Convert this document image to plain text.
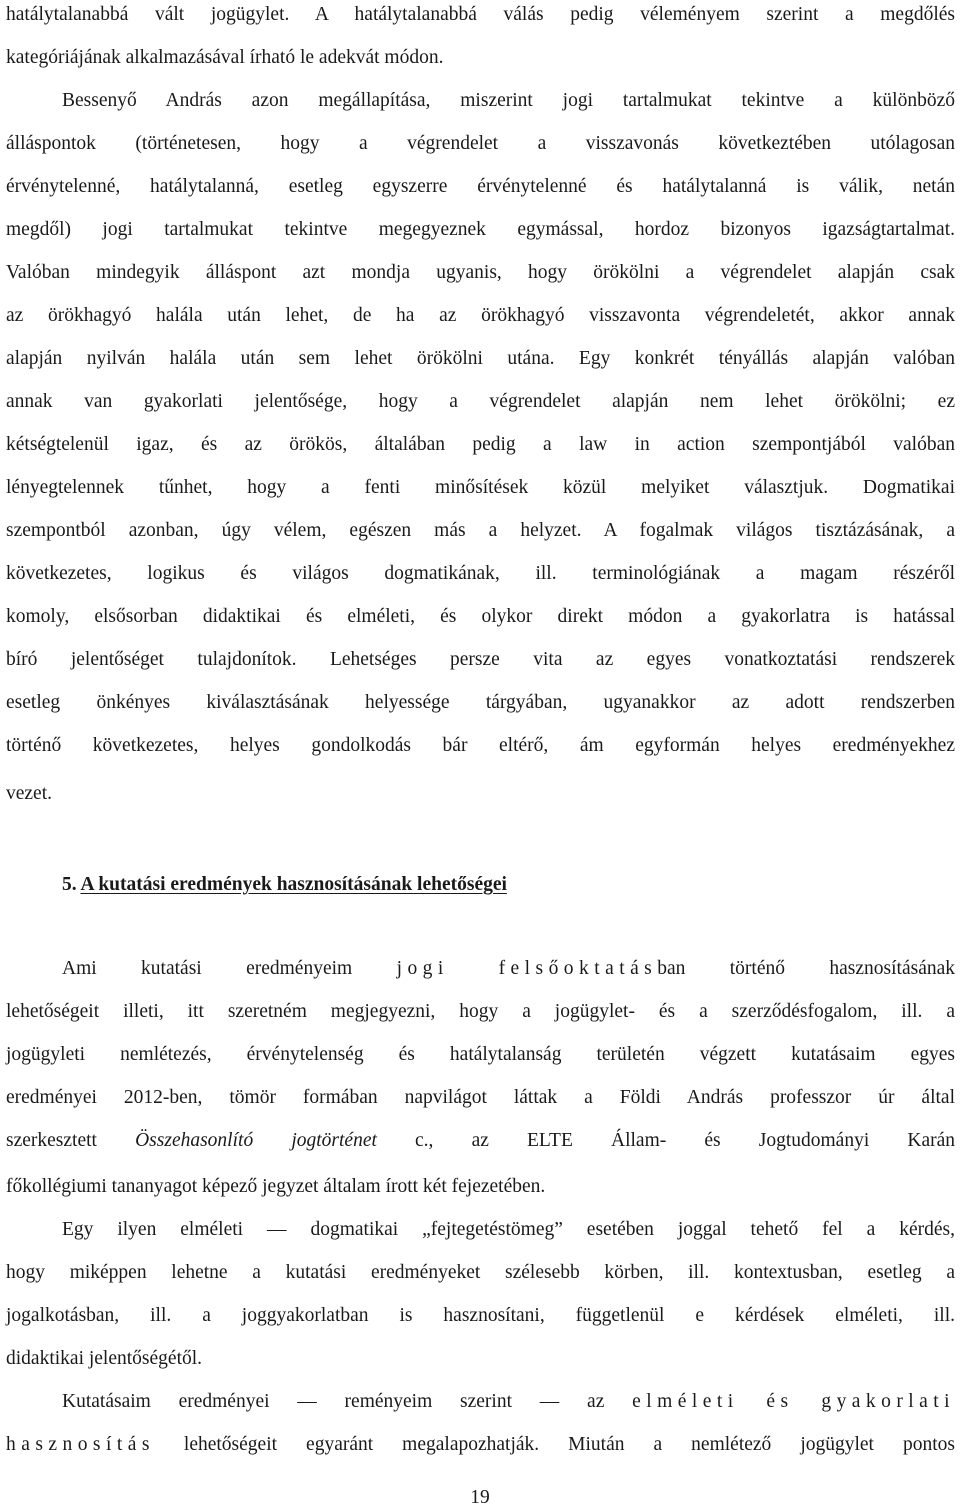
hatálytalanabbá vált jogügylet. A hatálytalanabbá válás pedig véleményem szerint a megdőlés
kategóriájának alkalmazásával írható le adekvát módon.
Bessenyő András azon megállapítása, miszerint jogi tartalmukat tekintve a különböző
álláspontok (történetesen, hogy a végrendelet a visszavonás következtében utólagosan
érvénytelenné, hatálytalanná, esetleg egyszerre érvénytelenné és hatálytalanná is válik, netán
megdől) jogi tartalmukat tekintve megegyeznek egymással, hordoz bizonyos igazságtartalmat.
Valóban mindegyik álláspont azt mondja ugyanis, hogy örökölni a végrendelet alapján csak
az örökhagyó halála után lehet, de ha az örökhagyó visszavonta végrendeletét, akkor annak
alapján nyilván halála után sem lehet örökölni utána. Egy konkrét tényállás alapján valóban
annak van gyakorlati jelentősége, hogy a végrendelet alapján nem lehet örökölni; ez
kétségtelenül igaz, és az örökös, általában pedig a law in action szempontjából valóban
lényegtelennek tűnhet, hogy a fenti minősítések közül melyiket választjuk. Dogmatikai
szempontból azonban, úgy vélem, egészen más a helyzet. A fogalmak világos tisztázásának, a
következetes, logikus és világos dogmatikának, ill. terminológiának a magam részéről
komoly, elsősorban didaktikai és elméleti, és olykor direkt módon a gyakorlatra is hatással
bíró jelentőséget tulajdonítok. Lehetséges persze vita az egyes vonatkoztatási rendszerek
esetleg önkényes kiválasztásának helyessége tárgyában, ugyanakkor az adott rendszerben
történő következetes, helyes gondolkodás bár eltérő, ám egyformán helyes eredményekhez
vezet.
5. A kutatási eredmények hasznosításának lehetőségei
Ami kutatási eredményeim jogi felsőoktatásban történő hasznosításának
lehetőségeit illeti, itt szeretném megjegyezni, hogy a jogügylet- és a szerződésfogalom, ill. a
jogügyleti nemlétezés, érvénytelenség és hatálytalanság területén végzett kutatásaim egyes
eredményei 2012-ben, tömör formában napvilágot láttak a Földi András professzor úr által
szerkesztett Összehasonlító jogtörténet c., az ELTE Állam- és Jogtudományi Karán
főkollégiumi tananyagot képező jegyzet általam írott két fejezetében.
Egy ilyen elméleti — dogmatikai „fejtegetéstömeg” esetében joggal tehető fel a kérdés,
hogy miképpen lehetne a kutatási eredményeket szélesebb körben, ill. kontextusban, esetleg a
jogalkotásban, ill. a joggyakorlatban is hasznosítani, függetlenül e kérdések elméleti, ill.
didaktikai jelentőségétől.
Kutatásaim eredményei — reményeim szerint — az elméleti és gyakorlati
hasznosítás lehetőségeit egyaránt megalapozhatják. Miután a nemlétező jogügylet pontos
19
